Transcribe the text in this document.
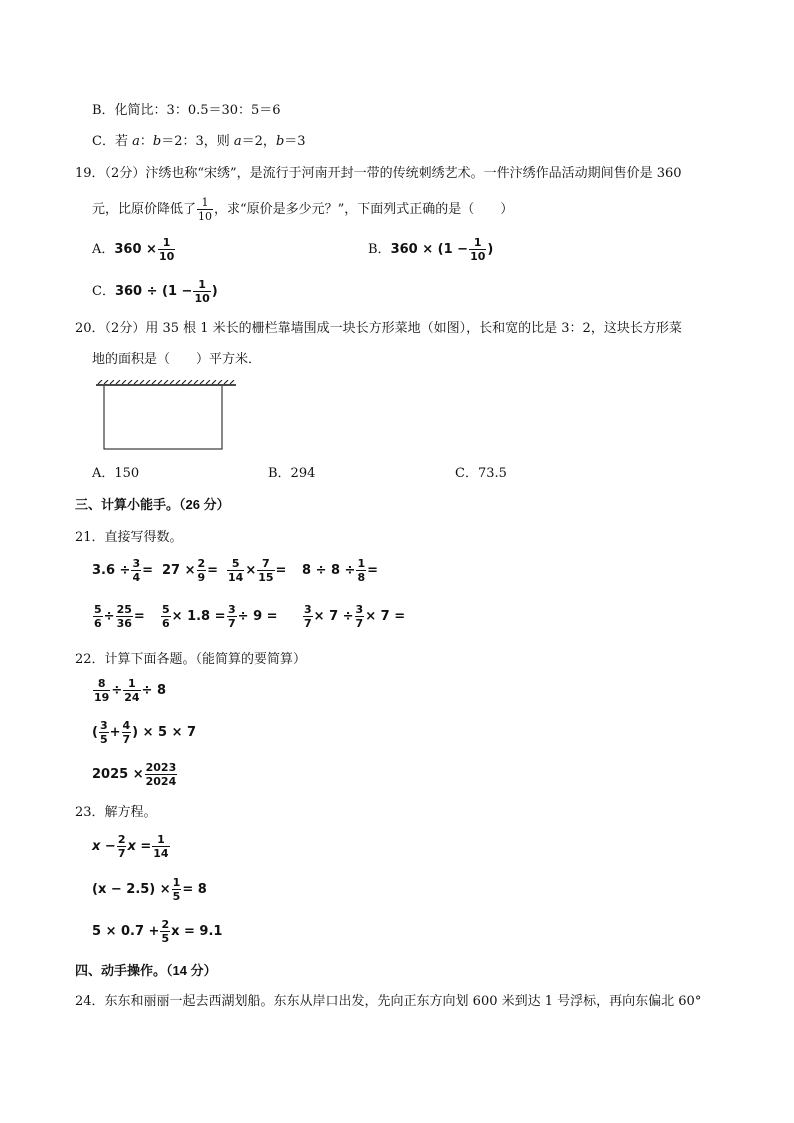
B．化简比：3：0.5＝30：5＝6
C．若 a：b＝2：3，则 a＝2，b＝3
19．（2分）汴绣也称“宋绣”，是流行于河南开封一带的传统刺绣艺术。一件汴绣作品活动期间售价是 360
元，比原价降低了 $\frac{1}{10}$ ，求“原价是多少元？”，下面列式正确的是（　　）
A． $360 \times \frac{1}{10}$	B． $360 \times (1 - \frac{1}{10}$ )
C． $360 \div (1 - \frac{1}{10}$ )
20．（2分）用 35 根 1 米长的栅栏靠墙围成一块长方形菜地（如图），长和宽的比是 3：2，这块长方形菜
地的面积是（　　）平方米．
A．150	B．294	C．73.5
三、计算小能手。（26 分）
21．直接写得数。
$3.6 \div \frac{3}{4} = 27 \times \frac{2}{9} = \frac{5}{14} \times \frac{7}{15} = 8 \div 8 \div \frac{1}{8}$ =
$\frac{5}{6} \div \frac{25}{36} = \frac{5}{6} \times 1.8 = \frac{3}{7} \div 9 = \frac{3}{7} \times 7 \div \frac{3}{7} \times 7$ =
22．计算下面各题。（能简算的要简算）
$\frac{8}{19} \div \frac{1}{24} \div 8$
( $\frac{3}{5} + \frac{4}{7}$ ) × 5 × 7
$2025 \times \frac{2023}{2024}$
23．解方程。
$x - \frac{2}{7}$ $x = \frac{1}{14}$
$(x - 2.5) \times \frac{1}{5} = 8$
$5 \times 0.7 + \frac{2}{5}$ x = 9.1
四、动手操作。（14 分）
24．东东和丽丽一起去西湖划船。东东从岸口出发，先向正东方向划 600 米到达 1 号浮标，再向东偏北 60°
